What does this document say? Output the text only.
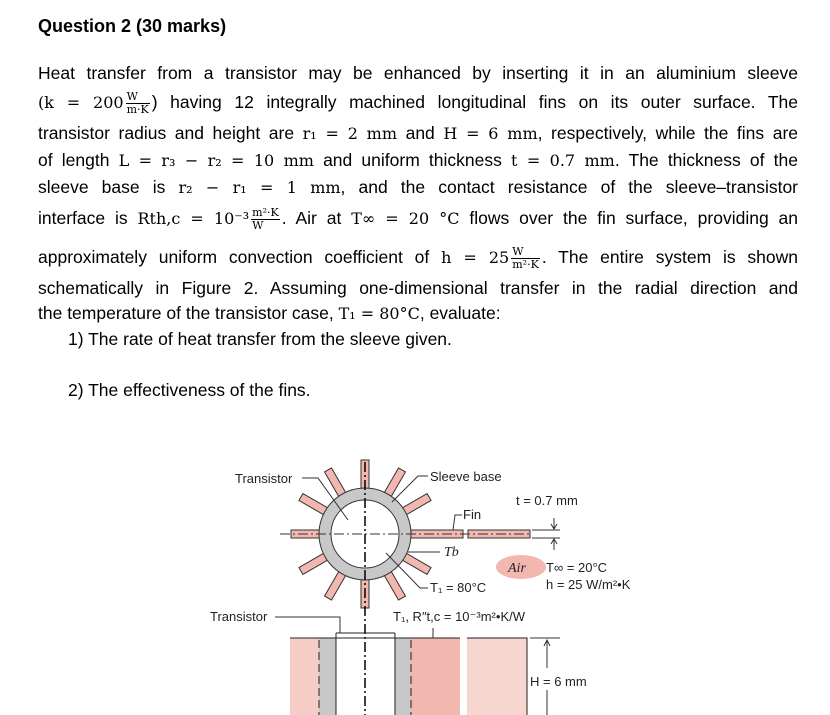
Question 2 (30 marks)
Heat transfer from a transistor may be enhanced by inserting it in an aluminium sleeve
($k = 200 \frac{W}{m\cdot K}$ ) having 12 integrally machined longitudinal fins on its outer surface. The
transistor radius and height are r₁ = 2 mm and H = 6 mm, respectively, while the fins are
of length L = r₃ − r₂ = 10 mm and uniform thickness t = 0.7 mm. The thickness of the
sleeve base is r₂ − r₁ = 1 mm, and the contact resistance of the sleeve–transistor
interface is $Rth,c = 10^{-3} \frac{\text{m²·K}}{W}$ . Air at T∞ = 20 °C flows over the fin surface, providing an
approximately uniform convection coefficient of $h = 25 \frac{W}{\text{m²·K}}$ . The entire system is shown
schematically in Figure 2. Assuming one-dimensional transfer in the radial direction and
the temperature of the transistor case, T₁ = 80°C, evaluate:
1) The rate of heat transfer from the sleeve given.
2) The effectiveness of the fins.
Transistor	Sleeve base
t = 0.7 mm
Fin
Tb
Air T∞ = 20°C
h = 25 W/m²•K
T₁ = 80°C
Transistor	T₁, R″t,c = 10⁻³m²•K/W
H = 6 mm
